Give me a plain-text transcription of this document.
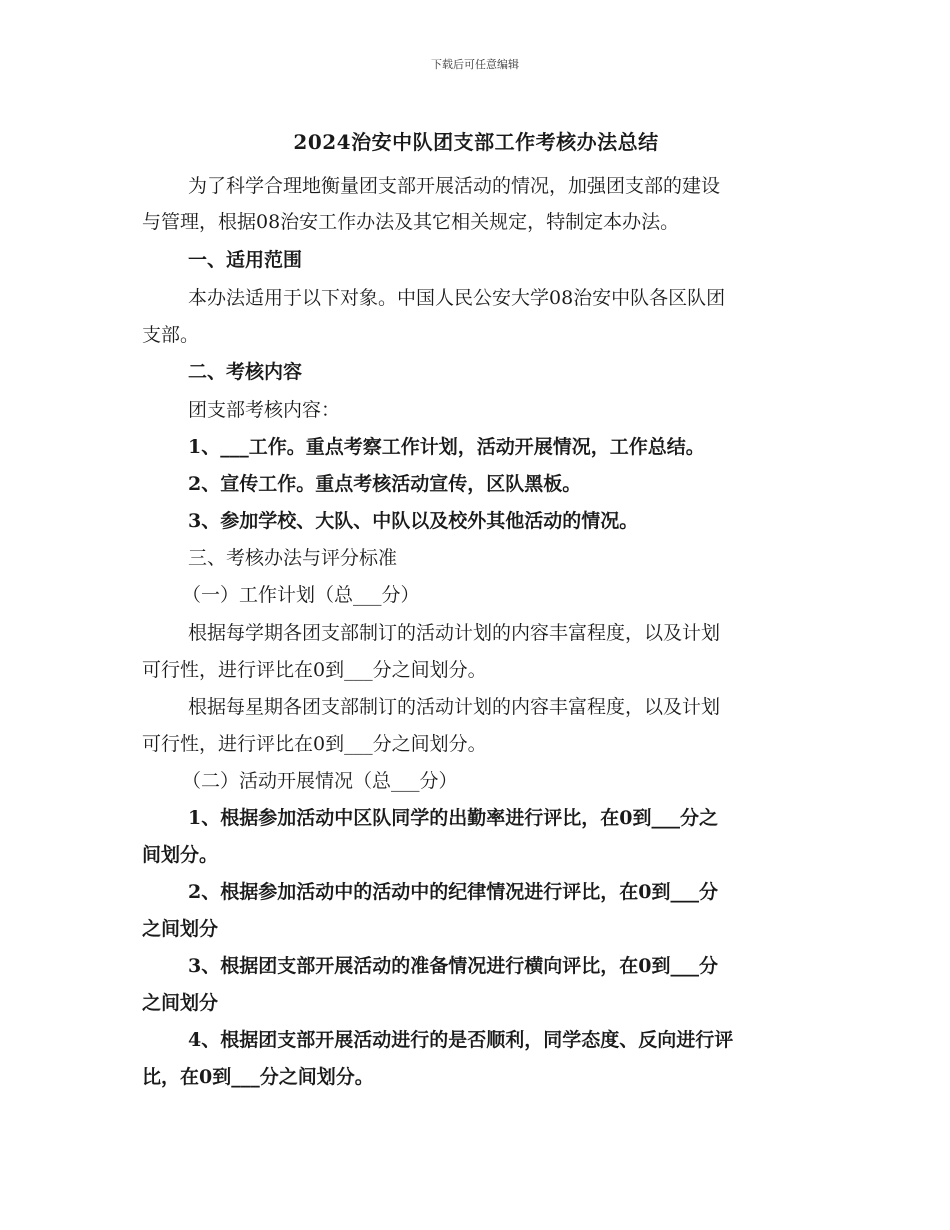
下载后可任意编辑
2024治安中队团支部工作考核办法总结
为了科学合理地衡量团支部开展活动的情况，加强团支部的建设
与管理，根据08治安工作办法及其它相关规定，特制定本办法。
一、适用范围
本办法适用于以下对象。中国人民公安大学08治安中队各区队团
支部。
二、考核内容
团支部考核内容：
1、___工作。重点考察工作计划，活动开展情况，工作总结。
2、宣传工作。重点考核活动宣传，区队黑板。
3、参加学校、大队、中队以及校外其他活动的情况。
三、考核办法与评分标准
（一）工作计划（总___分）
根据每学期各团支部制订的活动计划的内容丰富程度，以及计划
可行性，进行评比在0到___分之间划分。
根据每星期各团支部制订的活动计划的内容丰富程度，以及计划
可行性，进行评比在0到___分之间划分。
（二）活动开展情况（总___分）
1、根据参加活动中区队同学的出勤率进行评比，在0到___分之
间划分。
2、根据参加活动中的活动中的纪律情况进行评比，在0到___分
之间划分
3、根据团支部开展活动的准备情况进行横向评比，在0到___分
之间划分
4、根据团支部开展活动进行的是否顺利，同学态度、反向进行评
比，在0到___分之间划分。
